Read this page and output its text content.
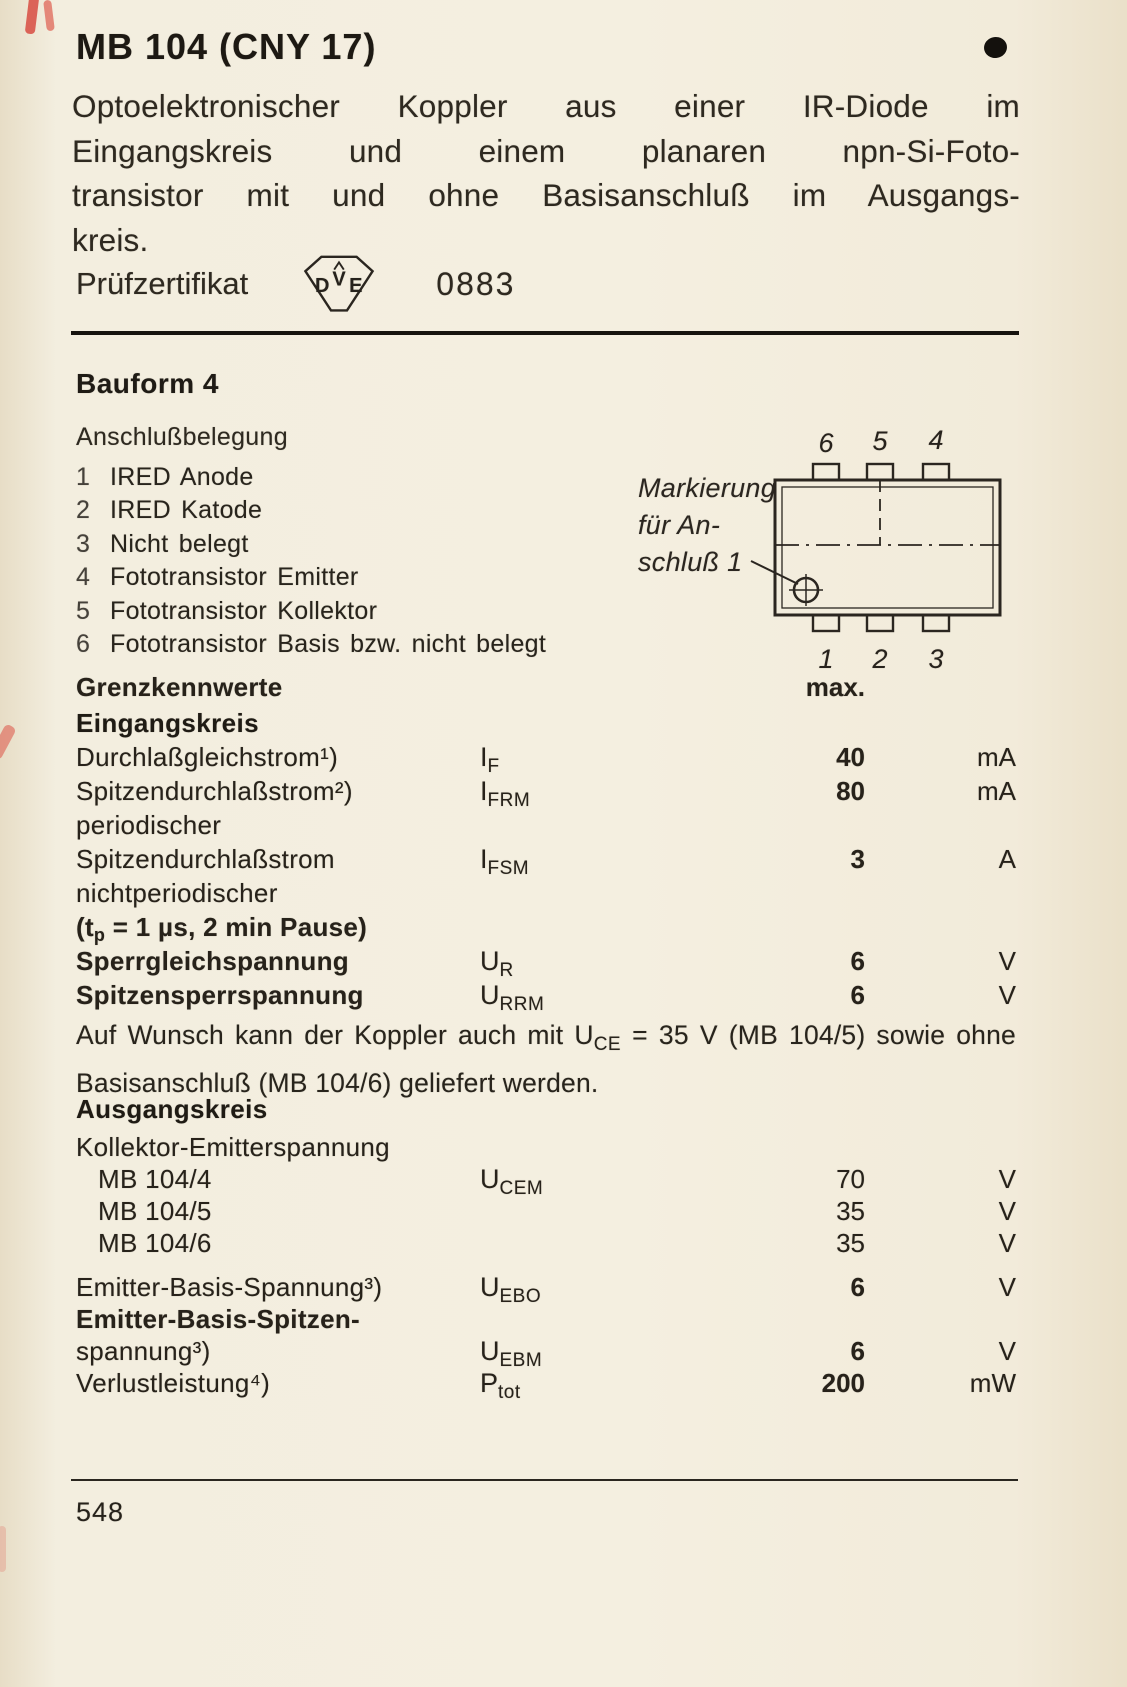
MB 104 (CNY 17)
Optoelektronischer Koppler aus einer IR-Diode im
Eingangskreis und einem planaren npn-Si-Foto-
transistor mit und ohne Basisanschluß im Ausgangs-
kreis.
Prüfzertifikat	D V E 0883
Bauform 4
Anschlußbelegung
1 IRED Anode
2 IRED Katode
3 Nicht belegt
4 Fototransistor Emitter
5 Fototransistor Kollektor
6 Fototransistor Basis bzw. nicht belegt
6 5 4
1 2 3
Markierung
für An-
schluß 1
Grenzkennwerte	max.
Eingangskreis
Durchlaßgleichstrom¹)	$I_F$	40	mA
Spitzendurchlaßstrom²)	$I_{FRM}$	80	mA
periodischer
Spitzendurchlaßstrom	$I_{FSM}$	3	A
nichtperiodischer
($t_p = 1$ µs, 2 min Pause)
Sperrgleichspannung	$U_R$	6	V
Spitzensperrspannung	$U_{RRM}$	6	V
Auf Wunsch kann der Koppler auch mit $U_{CE} = 35$ V (MB 104/5) sowie ohne
Basisanschluß (MB 104/6) geliefert werden.
Ausgangskreis
Kollektor-Emitterspannung
MB 104/4	$U_{CEM}$	70	V
MB 104/5	35	V
MB 104/6	35	V
Emitter-Basis-Spannung³)	$U_{EBO}$	6	V
Emitter-Basis-Spitzen-
spannung³)	$U_{EBM}$	6	V
Verlustleistung⁴)	$P_{tot}$	200	mW
548
